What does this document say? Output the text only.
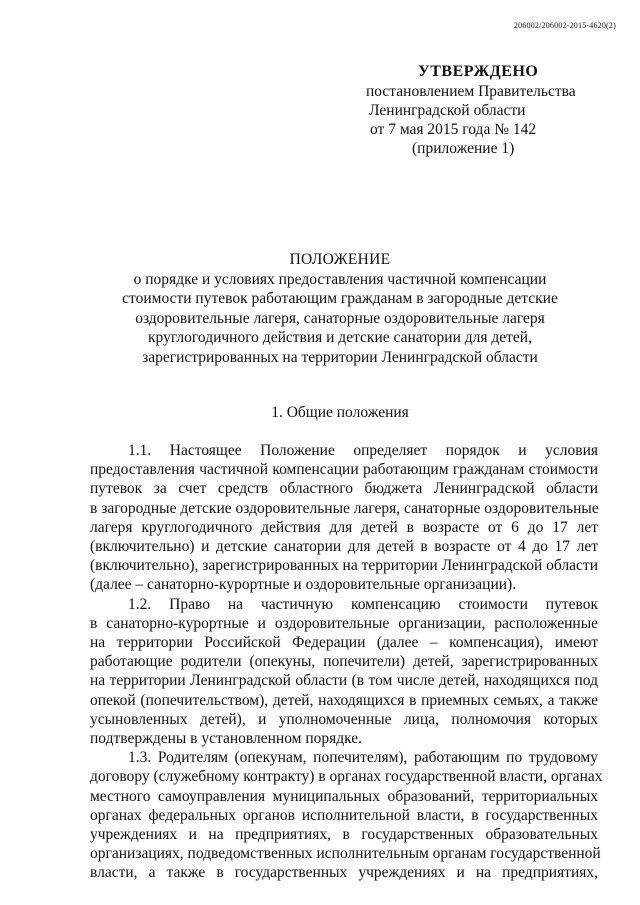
206002/206002-2015-4620(2)
УТВЕРЖДЕНО
постановлением Правительства
Ленинградской области
от 7 мая 2015 года № 142
(приложение 1)
ПОЛОЖЕНИЕ
о порядке и условиях предоставления частичной компенсации
стоимости путевок работающим гражданам в загородные детские
оздоровительные лагеря, санаторные оздоровительные лагеря
круглогодичного действия и детские санатории для детей,
зарегистрированных на территории Ленинградской области
1. Общие положения
1.1. Настоящее Положение определяет порядок и условия
предоставления частичной компенсации работающим гражданам стоимости
путевок за счет средств областного бюджета Ленинградской области
в загородные детские оздоровительные лагеря, санаторные оздоровительные
лагеря круглогодичного действия для детей в возрасте от 6 до 17 лет
(включительно) и детские санатории для детей в возрасте от 4 до 17 лет
(включительно), зарегистрированных на территории Ленинградской области
(далее – санаторно-курортные и оздоровительные организации).
1.2. Право на частичную компенсацию стоимости путевок
в санаторно-курортные и оздоровительные организации, расположенные
на территории Российской Федерации (далее – компенсация), имеют
работающие родители (опекуны, попечители) детей, зарегистрированных
на территории Ленинградской области (в том числе детей, находящихся под
опекой (попечительством), детей, находящихся в приемных семьях, а также
усыновленных детей), и уполномоченные лица, полномочия которых
подтверждены в установленном порядке.
1.3. Родителям (опекунам, попечителям), работающим по трудовому
договору (служебному контракту) в органах государственной власти, органах
местного самоуправления муниципальных образований, территориальных
органах федеральных органов исполнительной власти, в государственных
учреждениях и на предприятиях, в государственных образовательных
организациях, подведомственных исполнительным органам государственной
власти, а также в государственных учреждениях и на предприятиях,
